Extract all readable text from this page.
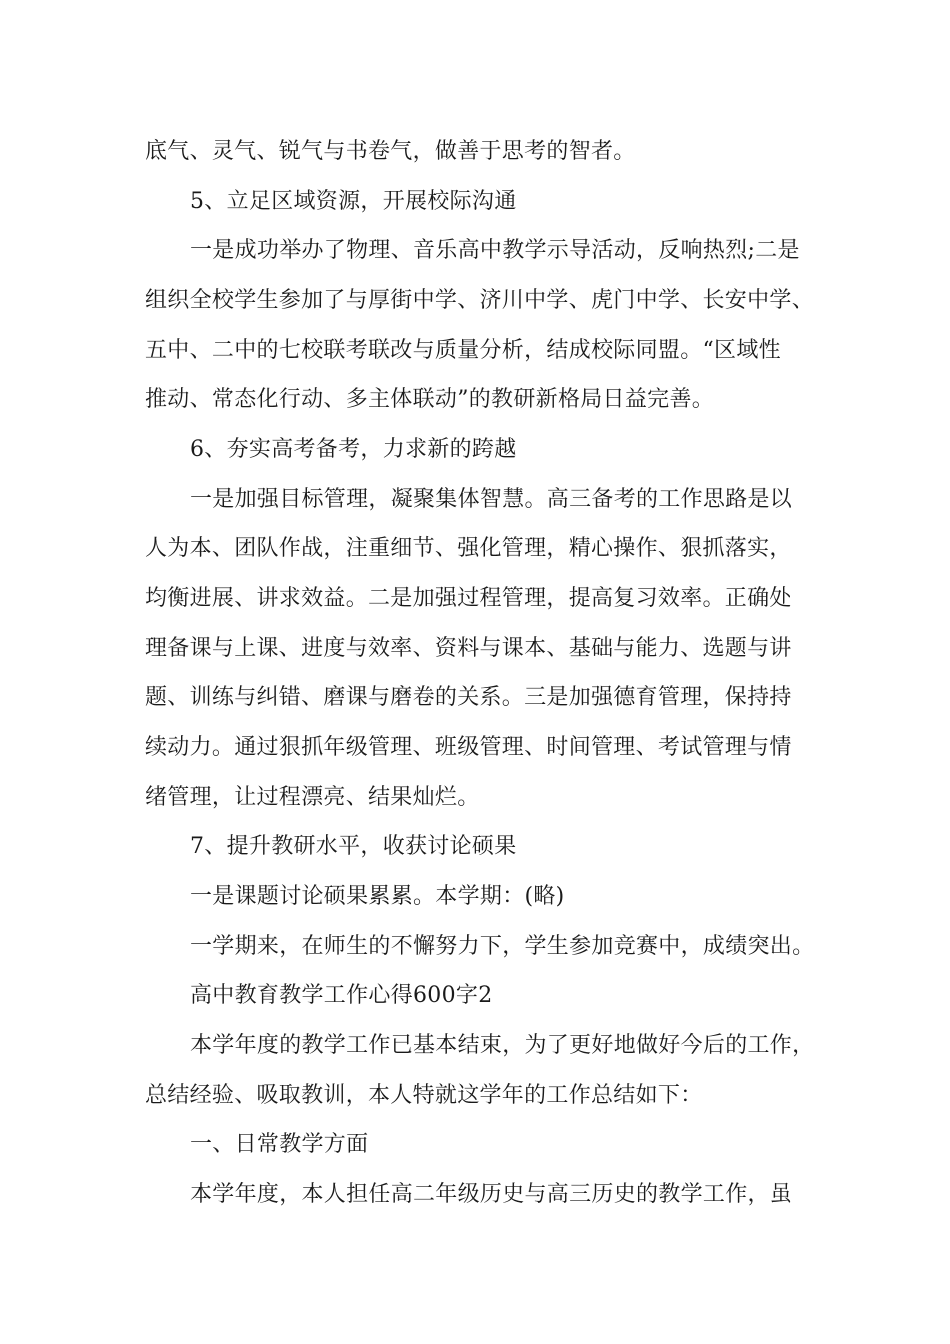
底气、灵气、锐气与书卷气，做善于思考的智者。
5、立足区域资源，开展校际沟通
一是成功举办了物理、音乐高中教学示导活动，反响热烈;二是
组织全校学生参加了与厚街中学、济川中学、虎门中学、长安中学、
五中、二中的七校联考联改与质量分析，结成校际同盟。“区域性
推动、常态化行动、多主体联动”的教研新格局日益完善。
6、夯实高考备考，力求新的跨越
一是加强目标管理，凝聚集体智慧。高三备考的工作思路是以
人为本、团队作战，注重细节、强化管理，精心操作、狠抓落实，
均衡进展、讲求效益。二是加强过程管理，提高复习效率。正确处
理备课与上课、进度与效率、资料与课本、基础与能力、选题与讲
题、训练与纠错、磨课与磨卷的关系。三是加强德育管理，保持持
续动力。通过狠抓年级管理、班级管理、时间管理、考试管理与情
绪管理，让过程漂亮、结果灿烂。
7、提升教研水平，收获讨论硕果
一是课题讨论硕果累累。本学期：(略)
一学期来，在师生的不懈努力下，学生参加竞赛中，成绩突出。
高中教育教学工作心得600字2
本学年度的教学工作已基本结束，为了更好地做好今后的工作，
总结经验、吸取教训，本人特就这学年的工作总结如下：
一、日常教学方面
本学年度，本人担任高二年级历史与高三历史的教学工作，虽
